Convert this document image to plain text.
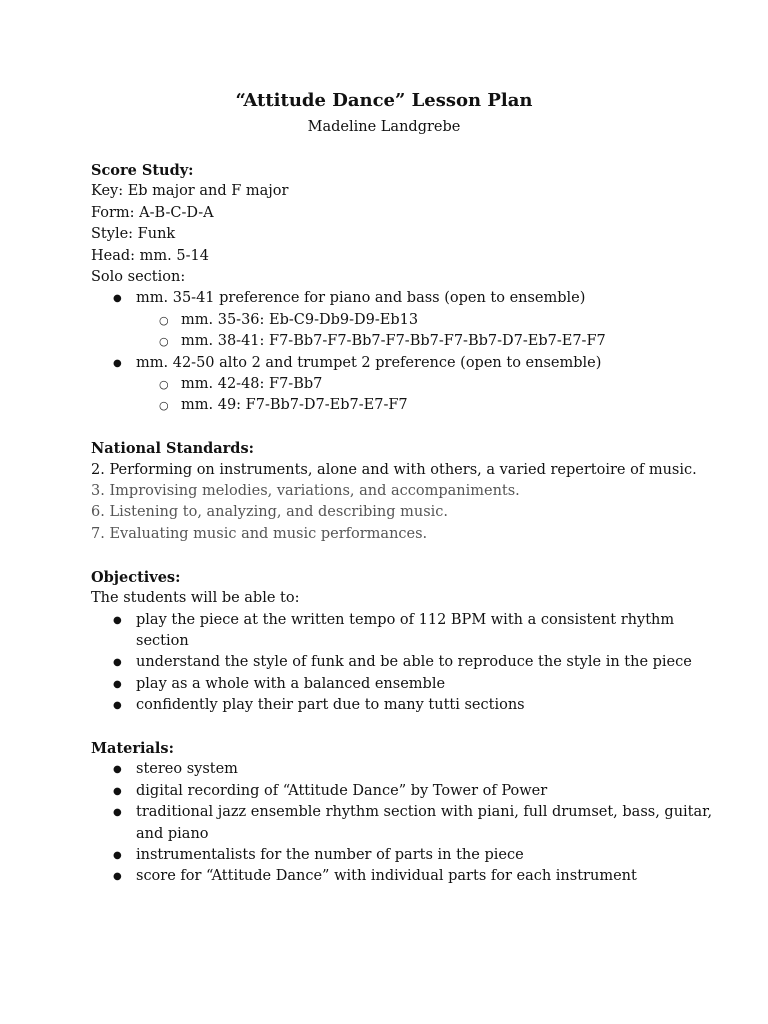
“Attitude Dance” Lesson Plan
Madeline Landgrebe

Score Study:

Key: Eb major and F major

Form: A-B-C-D-A

Style: Funk

Head: mm. 5-14

Solo section:

● mm. 35-41 preference for piano and bass (open to ensemble)
○ mm. 35-36: Eb-C9-Db9-D9-Eb13
○ mm. 38-41: F7-Bb7-F7-Bb7-F7-Bb7-F7-Bb7-D7-Eb7-E7-F7
● mm. 42-50 alto 2 and trumpet 2 preference (open to ensemble)
○ mm. 42-48: F7-Bb7
○ mm. 49: F7-Bb7-D7-Eb7-E7-F7

National Standards:

2. Performing on instruments, alone and with others, a varied repertoire of music.

3. Improvising melodies, variations, and accompaniments.

6. Listening to, analyzing, and describing music.

7. Evaluating music and music performances.

Objectives:

The students will be able to:

● play the piece at the written tempo of 112 BPM with a consistent rhythm section
● understand the style of funk and be able to reproduce the style in the piece
● play as a whole with a balanced ensemble
● confidently play their part due to many tutti sections

Materials:

● stereo system
● digital recording of “Attitude Dance” by Tower of Power
● traditional jazz ensemble rhythm section with piani, full drumset, bass, guitar, and piano
● instrumentalists for the number of parts in the piece
● score for “Attitude Dance” with individual parts for each instrument
